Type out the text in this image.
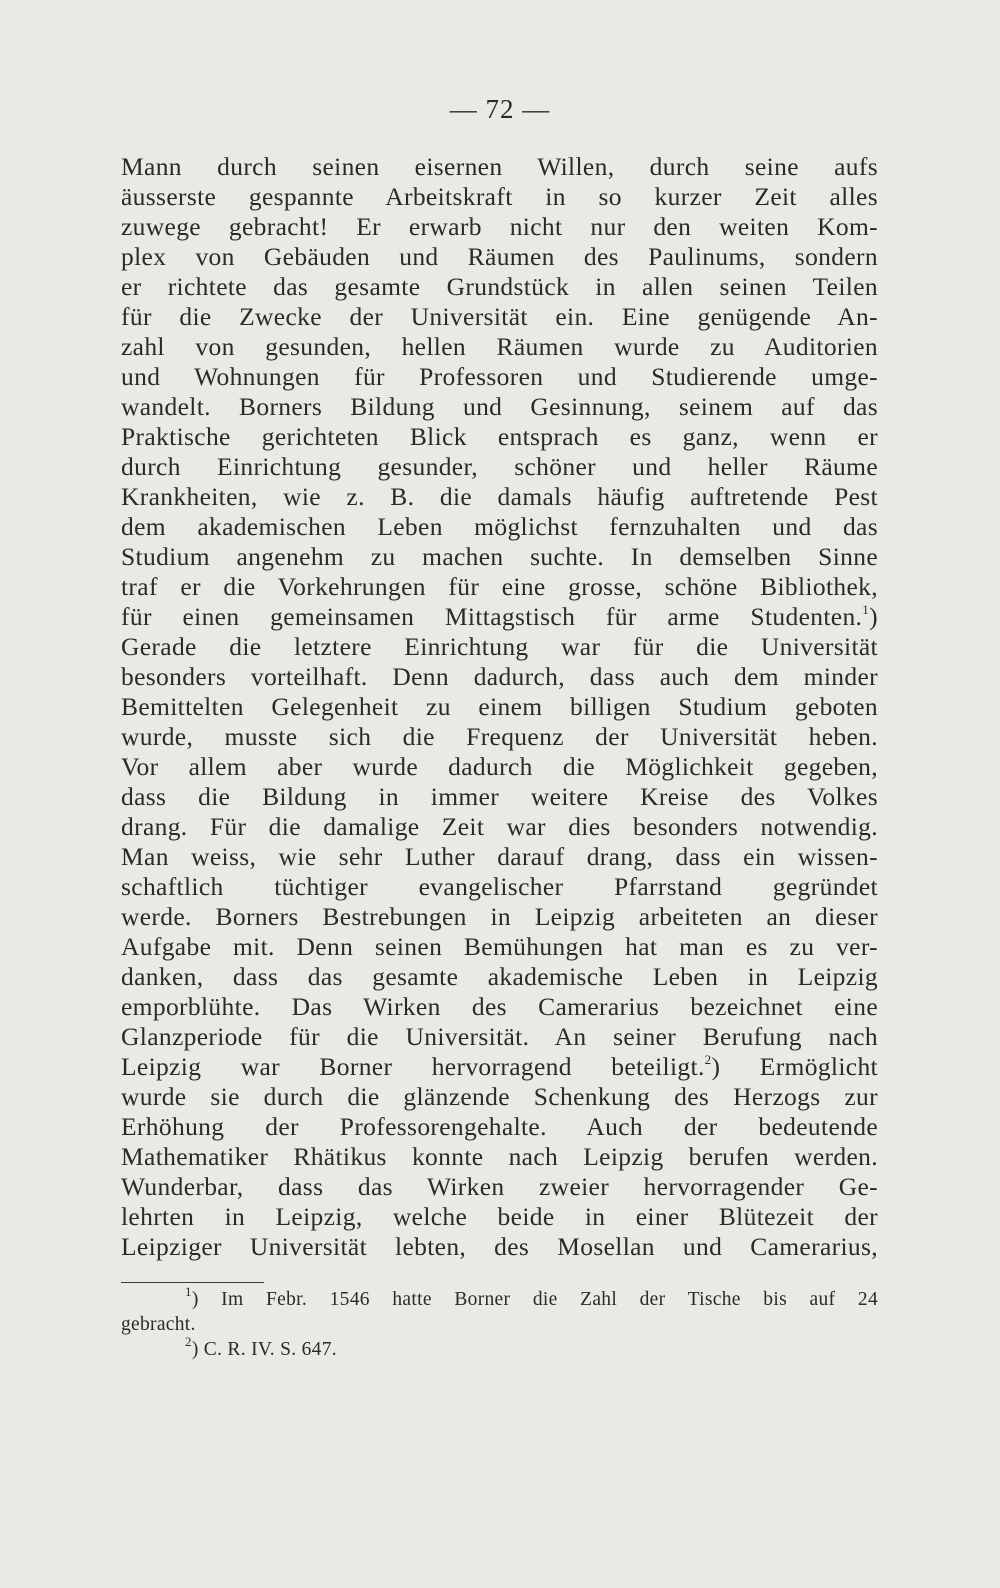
— 72 —
Mann durch seinen eisernen Willen, durch seine aufs
äusserste gespannte Arbeitskraft in so kurzer Zeit alles
zuwege gebracht! Er erwarb nicht nur den weiten Kom-
plex von Gebäuden und Räumen des Paulinums, sondern
er richtete das gesamte Grundstück in allen seinen Teilen
für die Zwecke der Universität ein. Eine genügende An-
zahl von gesunden, hellen Räumen wurde zu Auditorien
und Wohnungen für Professoren und Studierende umge-
wandelt. Borners Bildung und Gesinnung, seinem auf das
Praktische gerichteten Blick entsprach es ganz, wenn er
durch Einrichtung gesunder, schöner und heller Räume
Krankheiten, wie z. B. die damals häufig auftretende Pest
dem akademischen Leben möglichst fernzuhalten und das
Studium angenehm zu machen suchte. In demselben Sinne
traf er die Vorkehrungen für eine grosse, schöne Bibliothek,
für einen gemeinsamen Mittagstisch für arme Studenten.$^1$)
Gerade die letztere Einrichtung war für die Universität
besonders vorteilhaft. Denn dadurch, dass auch dem minder
Bemittelten Gelegenheit zu einem billigen Studium geboten
wurde, musste sich die Frequenz der Universität heben.
Vor allem aber wurde dadurch die Möglichkeit gegeben,
dass die Bildung in immer weitere Kreise des Volkes
drang. Für die damalige Zeit war dies besonders notwendig.
Man weiss, wie sehr Luther darauf drang, dass ein wissen-
schaftlich tüchtiger evangelischer Pfarrstand gegründet
werde. Borners Bestrebungen in Leipzig arbeiteten an dieser
Aufgabe mit. Denn seinen Bemühungen hat man es zu ver-
danken, dass das gesamte akademische Leben in Leipzig
emporblühte. Das Wirken des Camerarius bezeichnet eine
Glanzperiode für die Universität. An seiner Berufung nach
Leipzig war Borner hervorragend beteiligt.$^2$) Ermöglicht
wurde sie durch die glänzende Schenkung des Herzogs zur
Erhöhung der Professorengehalte. Auch der bedeutende
Mathematiker Rhätikus konnte nach Leipzig berufen werden.
Wunderbar, dass das Wirken zweier hervorragender Ge-
lehrten in Leipzig, welche beide in einer Blütezeit der
Leipziger Universität lebten, des Mosellan und Camerarius,
$^1$) Im Febr. 1546 hatte Borner die Zahl der Tische bis auf 24
gebracht.
$^2$) C. R. IV. S. 647.
